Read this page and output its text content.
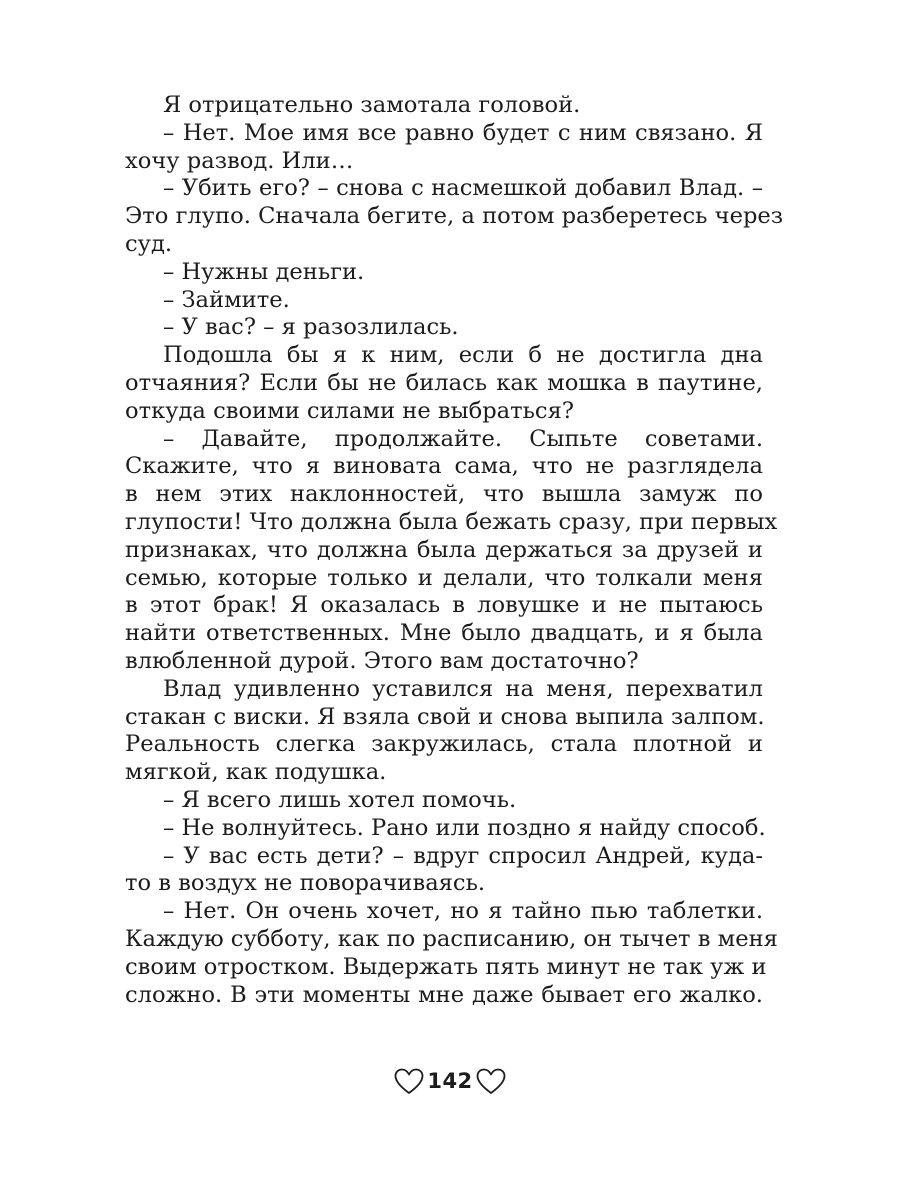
Я отрицательно замотала головой.
– Нет. Мое имя все равно будет с ним связано. Я
хочу развод. Или…
– Убить его? – снова с насмешкой добавил Влад. –
Это глупо. Сначала бегите, а потом разберетесь через
суд.
– Нужны деньги.
– Займите.
– У вас? – я разозлилась.
Подошла бы я к ним, если б не достигла дна
отчаяния? Если бы не билась как мошка в паутине,
откуда своими силами не выбраться?
– Давайте, продолжайте. Сыпьте советами.
Скажите, что я виновата сама, что не разглядела
в нем этих наклонностей, что вышла замуж по
глупости! Что должна была бежать сразу, при первых
признаках, что должна была держаться за друзей и
семью, которые только и делали, что толкали меня
в этот брак! Я оказалась в ловушке и не пытаюсь
найти ответственных. Мне было двадцать, и я была
влюбленной дурой. Этого вам достаточно?
Влад удивленно уставился на меня, перехватил
стакан с виски. Я взяла свой и снова выпила залпом.
Реальность слегка закружилась, стала плотной и
мягкой, как подушка.
– Я всего лишь хотел помочь.
– Не волнуйтесь. Рано или поздно я найду способ.
– У вас есть дети? – вдруг спросил Андрей, куда-
то в воздух не поворачиваясь.
– Нет. Он очень хочет, но я тайно пью таблетки.
Каждую субботу, как по расписанию, он тычет в меня
своим отростком. Выдержать пять минут не так уж и
сложно. В эти моменты мне даже бывает его жалко.
142
